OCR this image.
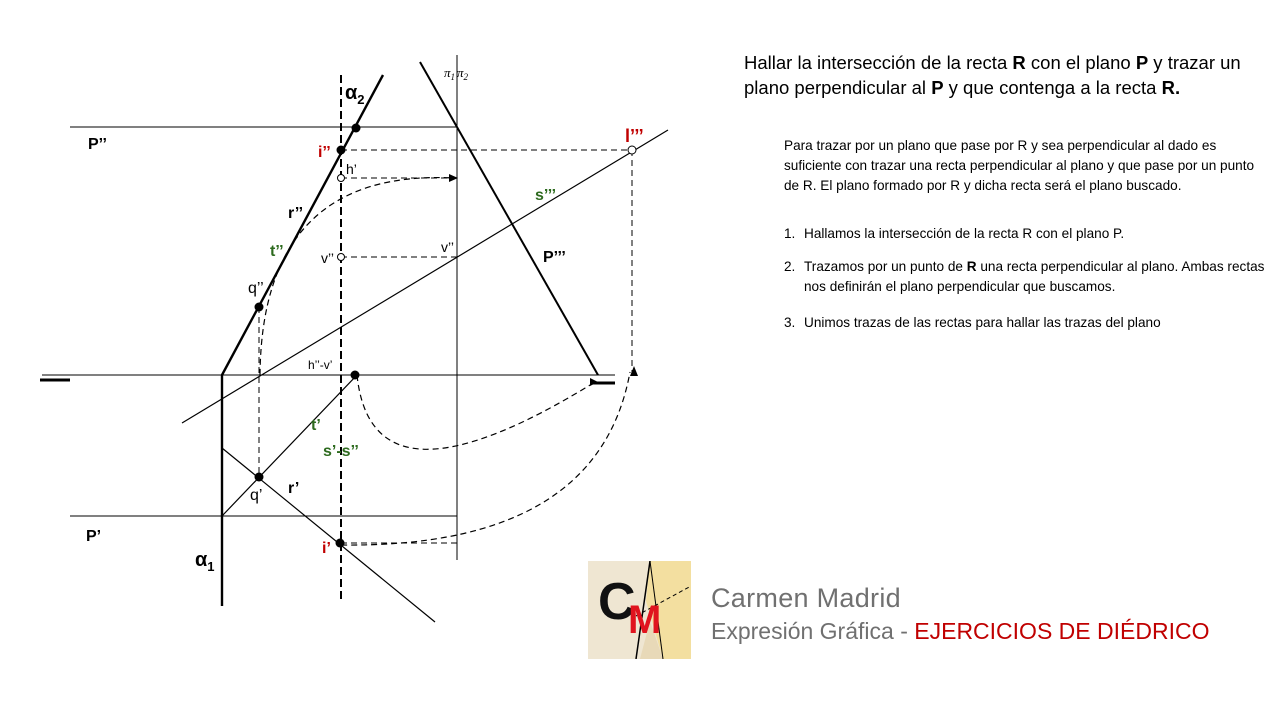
$\alpha_2$
$\alpha_1$
$\pi_1$ $\pi_2$
P’’
P’
P’’’
i’’
i’
l’’’
h’
r’’
t’’
q’’
v’’
v’’
s’’’
h’’-v’
t’
s’-s’’
q’ r’
Hallar la intersección de la recta R con el plano P y trazar un plano perpendicular al P y que contenga a la recta R.

Para trazar por un plano que pase por R y sea perpendicular al dado es suficiente con trazar una recta perpendicular al plano y que pase por un punto de R. El plano formado por R y dicha recta será el plano buscado.

1. Hallamos la intersección de la recta R con el plano P.
2. Trazamos por un punto de R una recta perpendicular al plano. Ambas rectas nos definirán el plano perpendicular que buscamos.
3. Unimos trazas de las rectas para hallar las trazas del plano
C
M Carmen Madrid

Expresión Gráfica - EJERCICIOS DE DIÉDRICO
